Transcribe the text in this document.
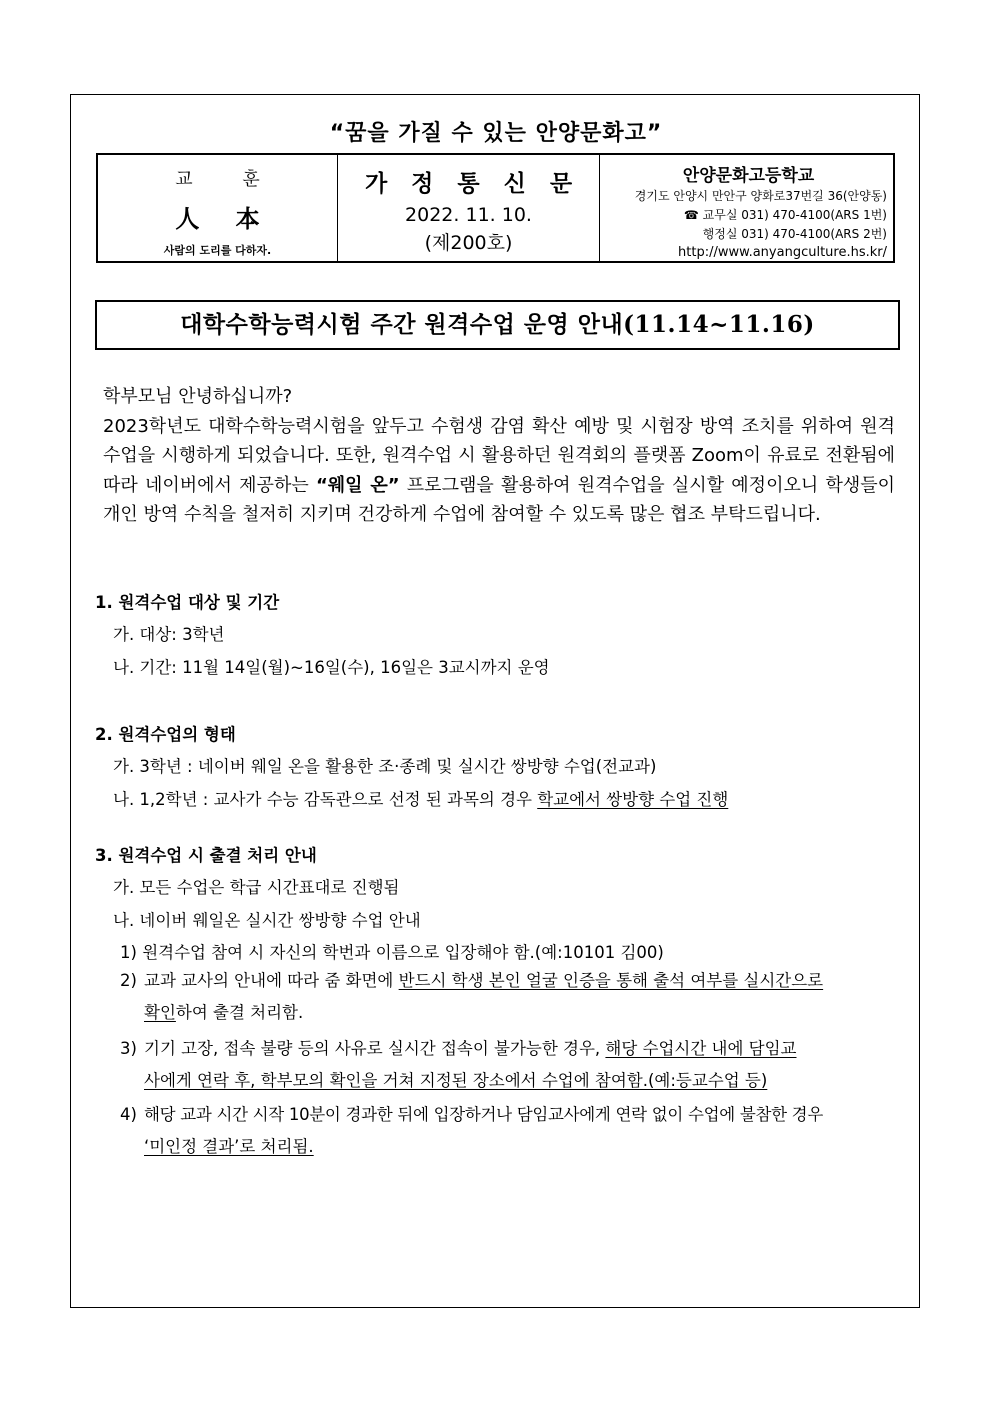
“꿈을 가질 수 있는 안양문화고”
교 훈
人 本
사람의 도리를 다하자.
가 정 통 신 문
2022. 11. 10.
(제200호)
안양문화고등학교
경기도 안양시 만안구 양화로37번길 36(안양동)
☎ 교무실 031) 470-4100(ARS 1번)
행정실 031) 470-4100(ARS 2번)
http://www.anyangculture.hs.kr/
대학수학능력시험 주간 원격수업 운영 안내(11.14~11.16)
학부모님 안녕하십니까?
2023학년도 대학수학능력시험을 앞두고 수험생 감염 확산 예방 및 시험장 방역 조치를 위하여 원격수업을 시행하게 되었습니다. 또한, 원격수업 시 활용하던 원격회의 플랫폼 Zoom이 유료로 전환됨에 따라 네이버에서 제공하는 “웨일 온” 프로그램을 활용하여 원격수업을 실시할 예정이오니 학생들이 개인 방역 수칙을 철저히 지키며 건강하게 수업에 참여할 수 있도록 많은 협조 부탁드립니다.
1. 원격수업 대상 및 기간
가. 대상: 3학년
나. 기간: 11월 14일(월)~16일(수), 16일은 3교시까지 운영
2. 원격수업의 형태
가. 3학년 : 네이버 웨일 온을 활용한 조·종례 및 실시간 쌍방향 수업(전교과)
나. 1,2학년 : 교사가 수능 감독관으로 선정 된 과목의 경우 학교에서 쌍방향 수업 진행
3. 원격수업 시 출결 처리 안내
가. 모든 수업은 학급 시간표대로 진행됨
나. 네이버 웨일온 실시간 쌍방향 수업 안내
1) 원격수업 참여 시 자신의 학번과 이름으로 입장해야 함.(예:10101 김00)
2) 교과 교사의 안내에 따라 줌 화면에 반드시 학생 본인 얼굴 인증을 통해 출석 여부를 실시간으로
확인하여 출결 처리함.
3) 기기 고장, 접속 불량 등의 사유로 실시간 접속이 불가능한 경우, 해당 수업시간 내에 담임교
사에게 연락 후, 학부모의 확인을 거쳐 지정된 장소에서 수업에 참여함.(예:등교수업 등)
4) 해당 교과 시간 시작 10분이 경과한 뒤에 입장하거나 담임교사에게 연락 없이 수업에 불참한 경우
‘미인정 결과’로 처리됨.
